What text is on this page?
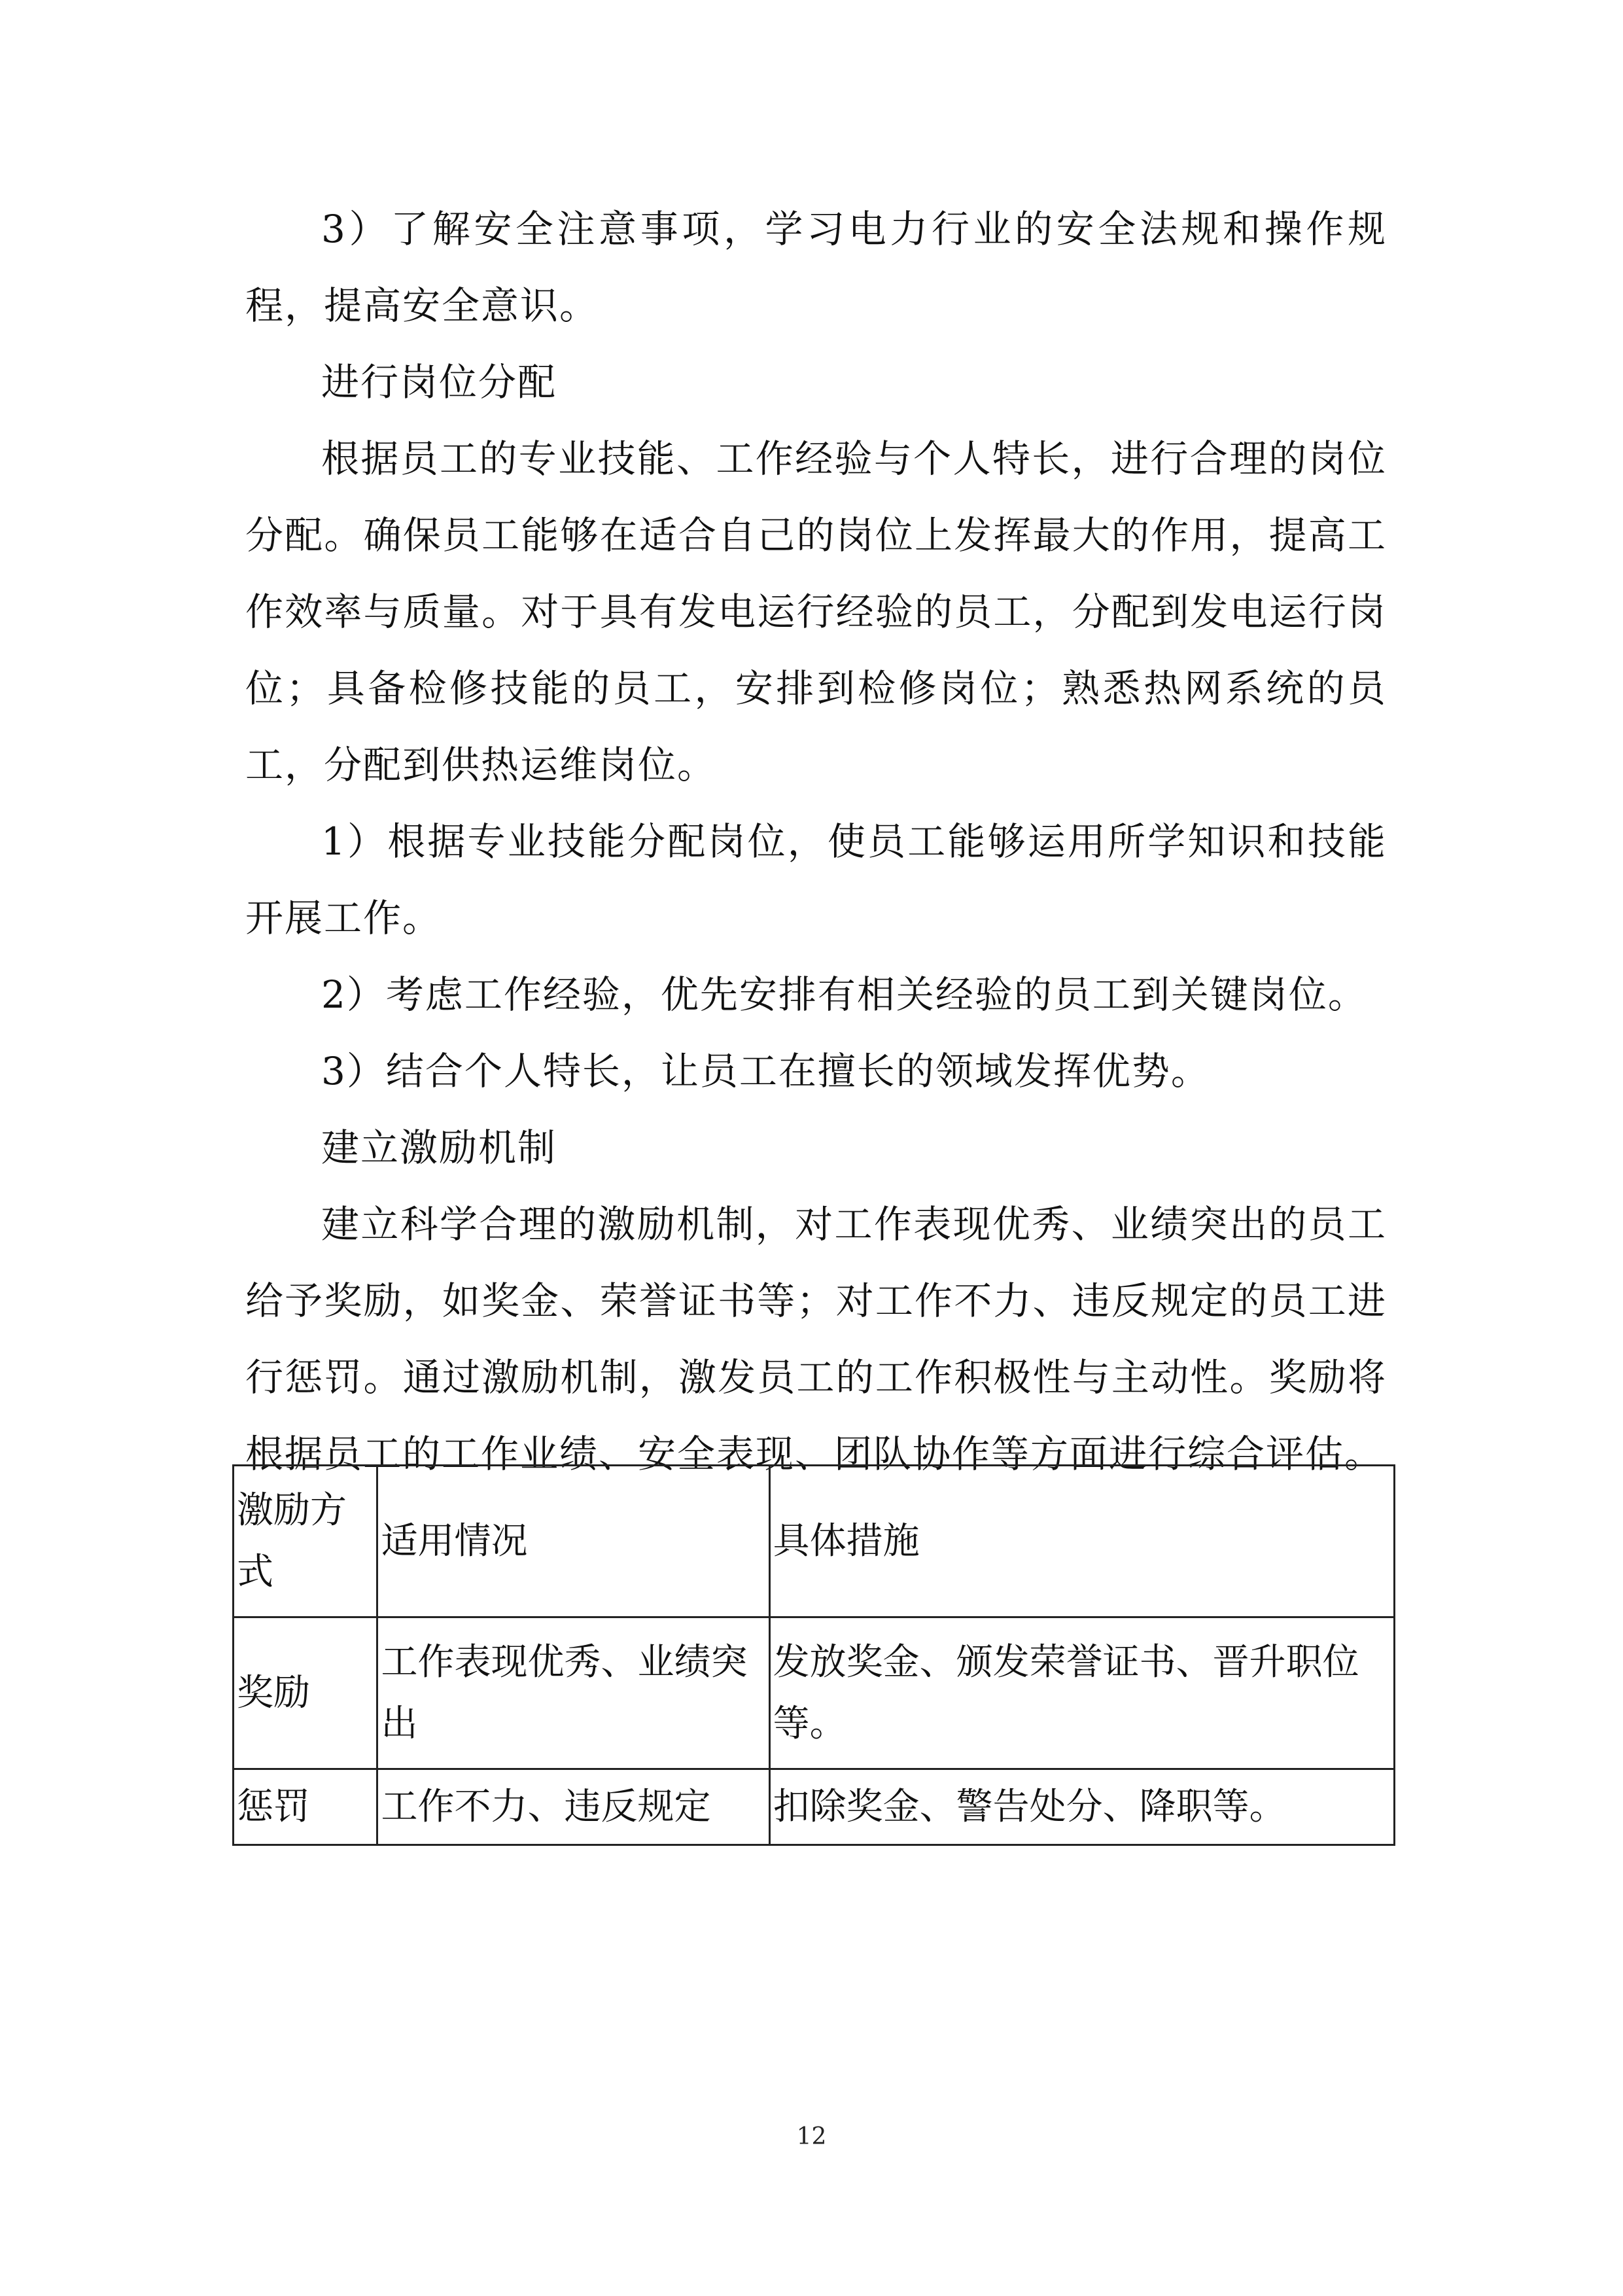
3）了解安全注意事项，学习电力行业的安全法规和操作规程，提高安全意识。

进行岗位分配

根据员工的专业技能、工作经验与个人特长，进行合理的岗位分配。确保员工能够在适合自己的岗位上发挥最大的作用，提高工作效率与质量。对于具有发电运行经验的员工，分配到发电运行岗位；具备检修技能的员工，安排到检修岗位；熟悉热网系统的员工，分配到供热运维岗位。

1）根据专业技能分配岗位，使员工能够运用所学知识和技能开展工作。

2）考虑工作经验，优先安排有相关经验的员工到关键岗位。

3）结合个人特长，让员工在擅长的领域发挥优势。

建立激励机制

建立科学合理的激励机制，对工作表现优秀、业绩突出的员工给予奖励，如奖金、荣誉证书等；对工作不力、违反规定的员工进行惩罚。通过激励机制，激发员工的工作积极性与主动性。奖励将根据员工的工作业绩、安全表现、团队协作等方面进行综合评估。

激励方式	适用情况	具体措施
奖励	工作表现优秀、业绩突出	发放奖金、颁发荣誉证书、晋升职位等。
惩罚	工作不力、违反规定	扣除奖金、警告处分、降职等。
12
